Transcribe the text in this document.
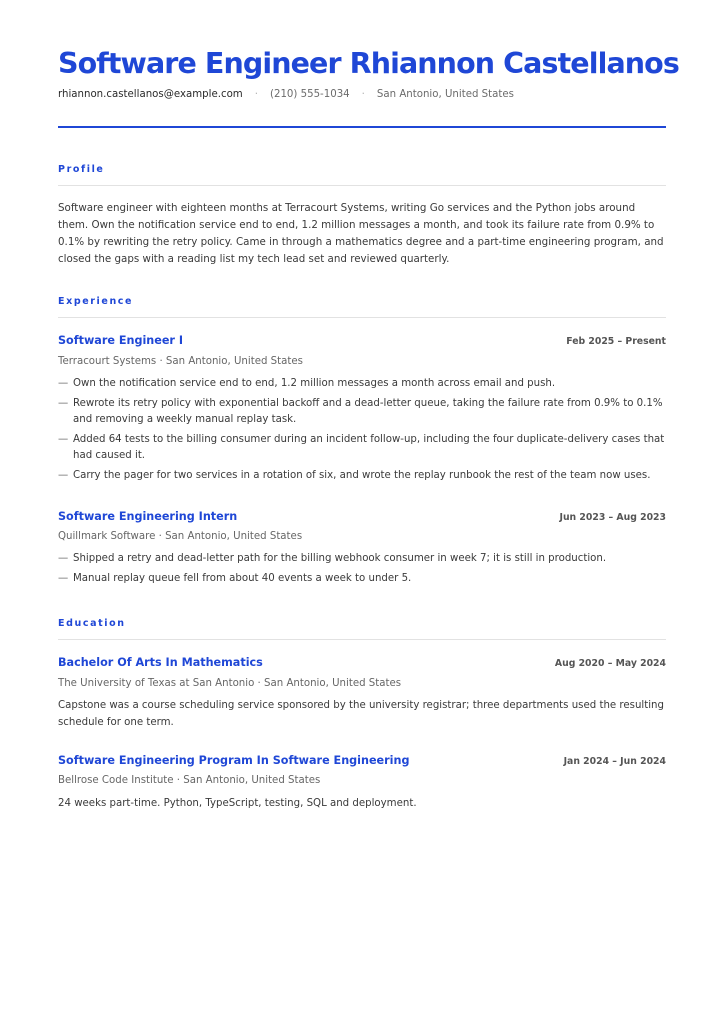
Software Engineer Rhiannon Castellanos
rhiannon.castellanos@example.com · (210) 555-1034 · San Antonio, United States
Profile

Software engineer with eighteen months at Terracourt Systems, writing Go services and the Python jobs around them. Own the notification service end to end, 1.2 million messages a month, and took its failure rate from 0.9% to 0.1% by rewriting the retry policy. Came in through a mathematics degree and a part-time engineering program, and closed the gaps with a reading list my tech lead set and reviewed quarterly.

Experience
Software Engineer I	Feb 2025 – Present
Terracourt Systems · San Antonio, United States
— Own the notification service end to end, 1.2 million messages a month across email and push.
— Rewrote its retry policy with exponential backoff and a dead-letter queue, taking the failure rate from 0.9% to 0.1% and removing a weekly manual replay task.
— Added 64 tests to the billing consumer during an incident follow-up, including the four duplicate-delivery cases that had caused it.
— Carry the pager for two services in a rotation of six, and wrote the replay runbook the rest of the team now uses.
Software Engineering Intern	Jun 2023 – Aug 2023
Quillmark Software · San Antonio, United States
— Shipped a retry and dead-letter path for the billing webhook consumer in week 7; it is still in production.
— Manual replay queue fell from about 40 events a week to under 5.
Education
Bachelor Of Arts In Mathematics	Aug 2020 – May 2024
The University of Texas at San Antonio · San Antonio, United States

Capstone was a course scheduling service sponsored by the university registrar; three departments used the resulting schedule for one term.

Software Engineering Program In Software Engineering	Jan 2024 – Jun 2024
Bellrose Code Institute · San Antonio, United States

24 weeks part-time. Python, TypeScript, testing, SQL and deployment.
